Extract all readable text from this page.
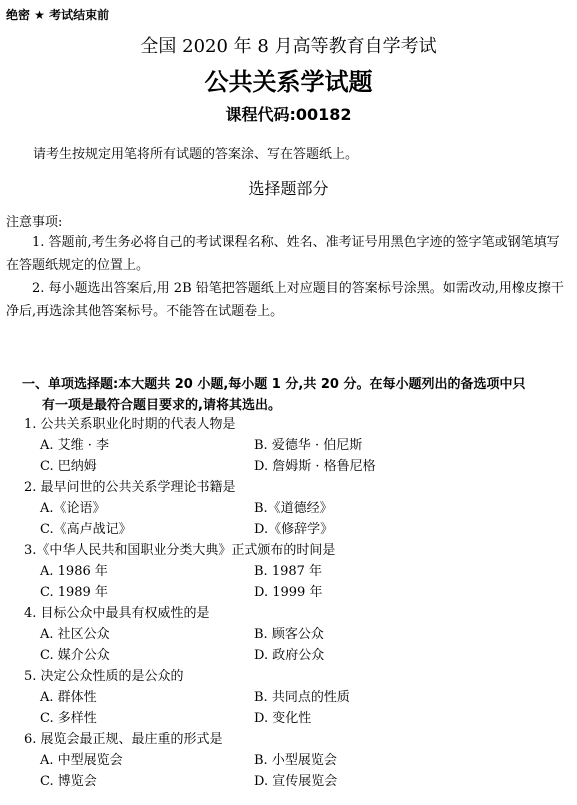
绝密 ★ 考试结束前
全国 2020 年 8 月高等教育自学考试
公共关系学试题
课程代码:00182
请考生按规定用笔将所有试题的答案涂、写在答题纸上。
选择题部分
注意事项:
1. 答题前,考生务必将自己的考试课程名称、姓名、准考证号用黑色字迹的签字笔或钢笔填写在答题纸规定的位置上。
2. 每小题选出答案后,用 2B 铅笔把答题纸上对应题目的答案标号涂黑。如需改动,用橡皮擦干净后,再选涂其他答案标号。不能答在试题卷上。
一、单项选择题:本大题共 20 小题,每小题 1 分,共 20 分。在每小题列出的备选项中只
有一项是最符合题目要求的,请将其选出。
1. 公共关系职业化时期的代表人物是
A. 艾维 · 李	B. 爱德华 · 伯尼斯
C. 巴纳姆	D. 詹姆斯 · 格鲁尼格
2. 最早问世的公共关系学理论书籍是
A.《论语》	B.《道德经》
C.《高卢战记》	D.《修辞学》
3.《中华人民共和国职业分类大典》正式颁布的时间是
A. 1986 年	B. 1987 年
C. 1989 年	D. 1999 年
4. 目标公众中最具有权威性的是
A. 社区公众	B. 顾客公众
C. 媒介公众	D. 政府公众
5. 决定公众性质的是公众的
A. 群体性	B. 共同点的性质
C. 多样性	D. 变化性
6. 展览会最正规、最庄重的形式是
A. 中型展览会	B. 小型展览会
C. 博览会	D. 宣传展览会
